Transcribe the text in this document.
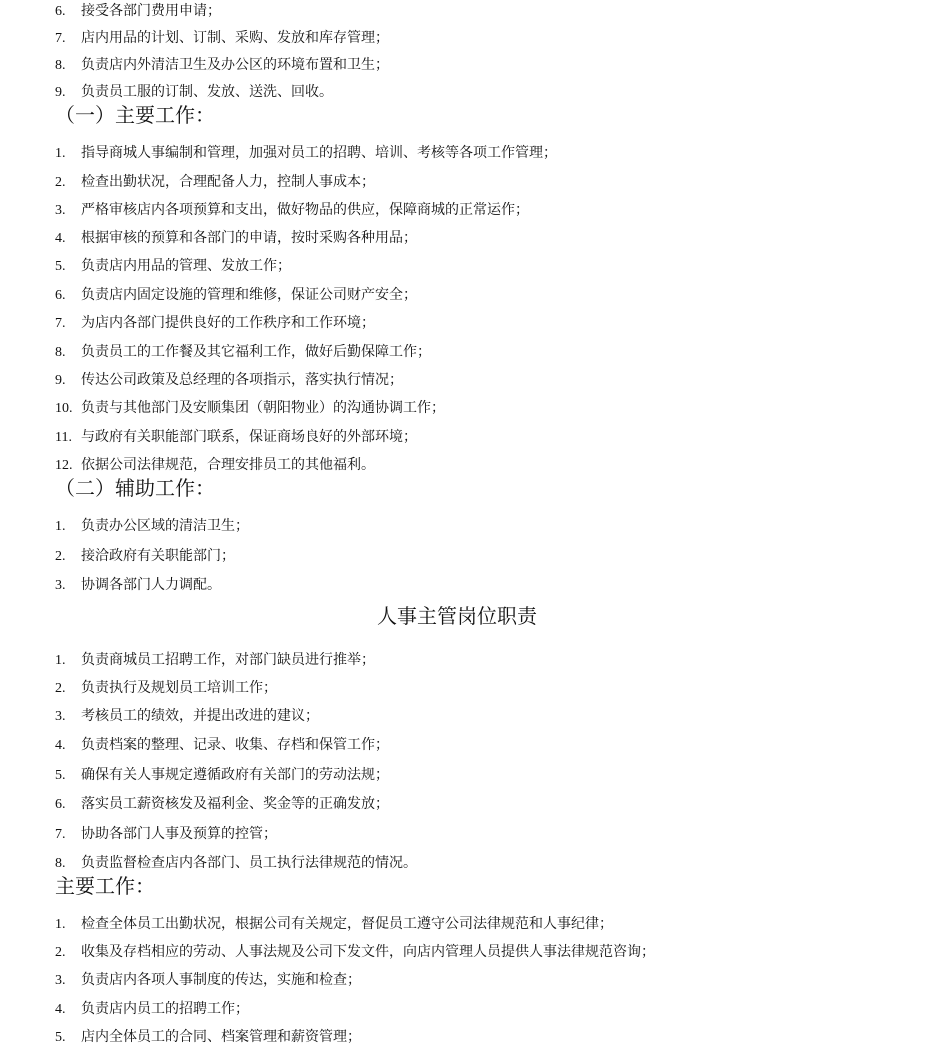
6. 接受各部门费用申请；
7. 店内用品的计划、订制、采购、发放和库存管理；
8. 负责店内外清洁卫生及办公区的环境布置和卫生；
9. 负责员工服的订制、发放、送洗、回收。
（一）主要工作：
1. 指导商城人事编制和管理，加强对员工的招聘、培训、考核等各项工作管理；
2. 检查出勤状况，合理配备人力，控制人事成本；
3. 严格审核店内各项预算和支出，做好物品的供应，保障商城的正常运作；
4. 根据审核的预算和各部门的申请，按时采购各种用品；
5. 负责店内用品的管理、发放工作；
6. 负责店内固定设施的管理和维修，保证公司财产安全；
7. 为店内各部门提供良好的工作秩序和工作环境；
8. 负责员工的工作餐及其它福利工作，做好后勤保障工作；
9. 传达公司政策及总经理的各项指示，落实执行情况；
10. 负责与其他部门及安顺集团（朝阳物业）的沟通协调工作；
11. 与政府有关职能部门联系，保证商场良好的外部环境；
12. 依据公司法律规范，合理安排员工的其他福利。
（二）辅助工作：
1. 负责办公区域的清洁卫生；
2. 接洽政府有关职能部门；
3. 协调各部门人力调配。
人事主管岗位职责
1. 负责商城员工招聘工作，对部门缺员进行推举；
2. 负责执行及规划员工培训工作；
3. 考核员工的绩效，并提出改进的建议；
4. 负责档案的整理、记录、收集、存档和保管工作；
5. 确保有关人事规定遵循政府有关部门的劳动法规；
6. 落实员工薪资核发及福利金、奖金等的正确发放；
7. 协助各部门人事及预算的控管；
8. 负责监督检查店内各部门、员工执行法律规范的情况。
主要工作：
1. 检查全体员工出勤状况，根据公司有关规定，督促员工遵守公司法律规范和人事纪律；
2. 收集及存档相应的劳动、人事法规及公司下发文件，向店内管理人员提供人事法律规范咨询；
3. 负责店内各项人事制度的传达，实施和检查；
4. 负责店内员工的招聘工作；
5. 店内全体员工的合同、档案管理和薪资管理；
